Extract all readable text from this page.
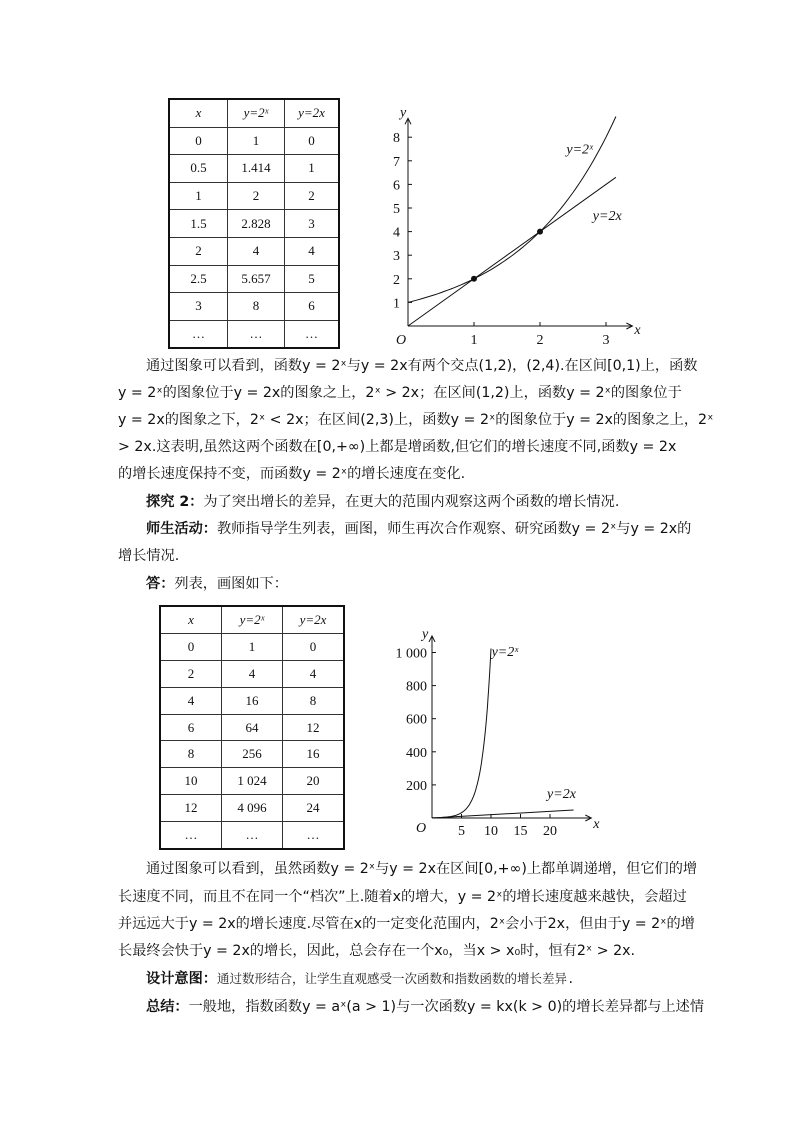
x	y=2ˣ	y=2x
0	1	0
0.5	1.414	1
1	2	2
1.5	2.828	3
2	4	4
2.5	5.657	5
3	8	6
…	…	…
1
2
3
4
5
6
7
8
1	2	3
O
x
y
y=2ˣ
y=2x
通过图象可以看到，函数y = 2ˣ与y = 2x有两个交点(1,2)，(2,4).在区间[0,1)上，函数
y = 2ˣ的图象位于y = 2x的图象之上，2ˣ > 2x；在区间(1,2)上，函数y = 2ˣ的图象位于
y = 2x的图象之下，2ˣ < 2x；在区间(2,3)上，函数y = 2ˣ的图象位于y = 2x的图象之上，2ˣ
> 2x.这表明,虽然这两个函数在[0,+∞)上都是增函数,但它们的增长速度不同,函数y = 2x
的增长速度保持不变，而函数y = 2ˣ的增长速度在变化.
探究 2：为了突出增长的差异，在更大的范围内观察这两个函数的增长情况.
师生活动：教师指导学生列表，画图，师生再次合作观察、研究函数y = 2ˣ与y = 2x的
增长情况.
答：列表，画图如下：
x	y=2ˣ	y=2x
0	1	0
2	4	4
4	16	8
6	64	12
8	256	16
10	1 024	20
12	4 096	24
…	…	…
200
400
600
800
1 000
5 10 15 20
O	x
y
y=2ˣ
y=2x
通过图象可以看到，虽然函数y = 2ˣ与y = 2x在区间[0,+∞)上都单调递增，但它们的增
长速度不同，而且不在同一个“档次”上.随着x的增大，y = 2ˣ的增长速度越来越快，会超过
并远远大于y = 2x的增长速度.尽管在x的一定变化范围内，2ˣ会小于2x，但由于y = 2ˣ的增
长最终会快于y = 2x的增长，因此，总会存在一个x₀，当x > x₀时，恒有2ˣ > 2x.
设计意图：通过数形结合，让学生直观感受一次函数和指数函数的增长差异.
总结：一般地，指数函数y = aˣ(a > 1)与一次函数y = kx(k > 0)的增长差异都与上述情
